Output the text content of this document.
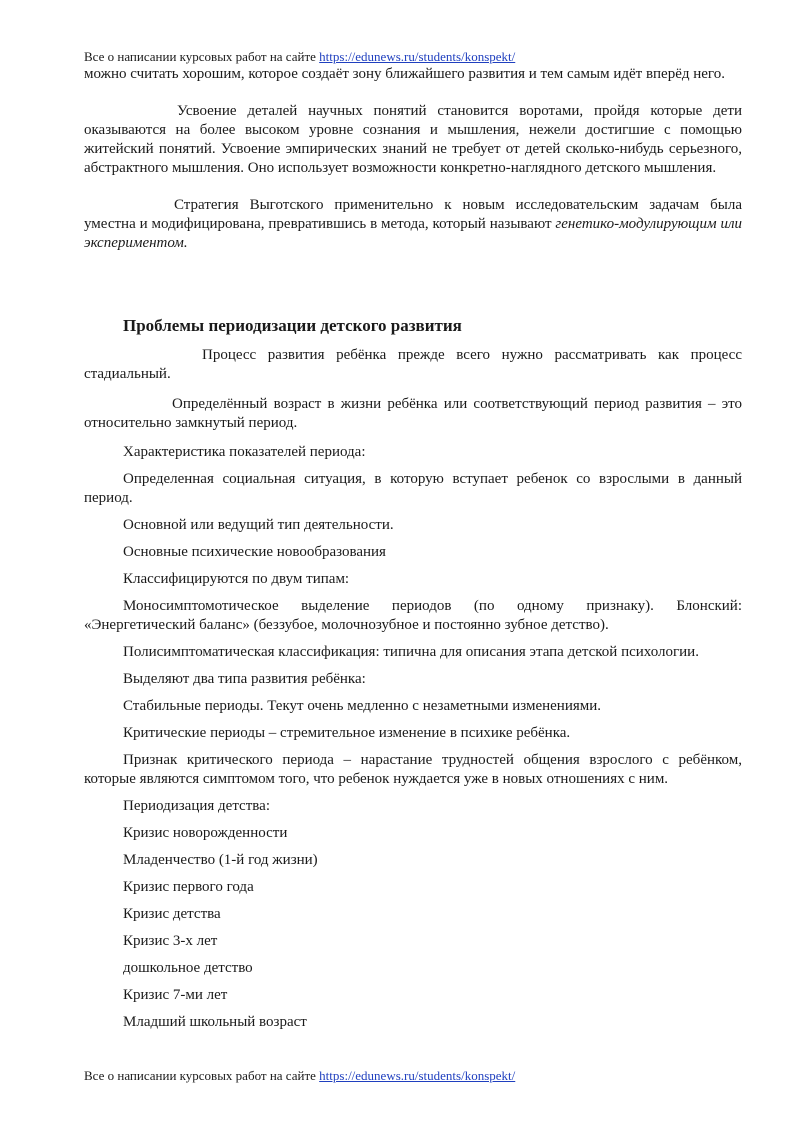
Все о написании курсовых работ на сайте https://edunews.ru/students/konspekt/

можно считать хорошим, которое создаёт зону ближайшего развития и тем самым идёт вперёд него.

Усвоение деталей научных понятий становится воротами, пройдя которые дети оказываются на более высоком уровне сознания и мышления, нежели достигшие с помощью житейский понятий. Усвоение эмпирических знаний не требует от детей сколько-нибудь серьезного, абстрактного мышления. Оно использует возможности конкретно-наглядного детского мышления.

Стратегия Выготского применительно к новым исследовательским задачам была уместна и модифицирована, превратившись в метода, который называют генетико-модулирующим или экспериментом.

Проблемы периодизации детского развития

Процесс развития ребёнка прежде всего нужно рассматривать как процесс стадиальный.

Определённый возраст в жизни ребёнка или соответствующий период развития – это относительно замкнутый период.

Характеристика показателей периода:

Определенная социальная ситуация, в которую вступает ребенок со взрослыми в данный период.

Основной или ведущий тип деятельности.

Основные психические новообразования

Классифицируются по двум типам:

Моносимптомотическое выделение периодов (по одному признаку). Блонский: «Энергетический баланс» (беззубое, молочнозубное и постоянно зубное детство).

Полисимптоматическая классификация: типична для описания этапа детской психологии.

Выделяют два типа развития ребёнка:

Стабильные периоды. Текут очень медленно с незаметными изменениями.

Критические периоды – стремительное изменение в психике ребёнка.

Признак критического периода – нарастание трудностей общения взрослого с ребёнком, которые являются симптомом того, что ребенок нуждается уже в новых отношениях с ним.

Периодизация детства:

Кризис новорожденности

Младенчество (1-й год жизни)

Кризис первого года

Кризис детства

Кризис 3-х лет

дошкольное детство

Кризис 7-ми лет

Младший школьный возраст

Все о написании курсовых работ на сайте https://edunews.ru/students/konspekt/
